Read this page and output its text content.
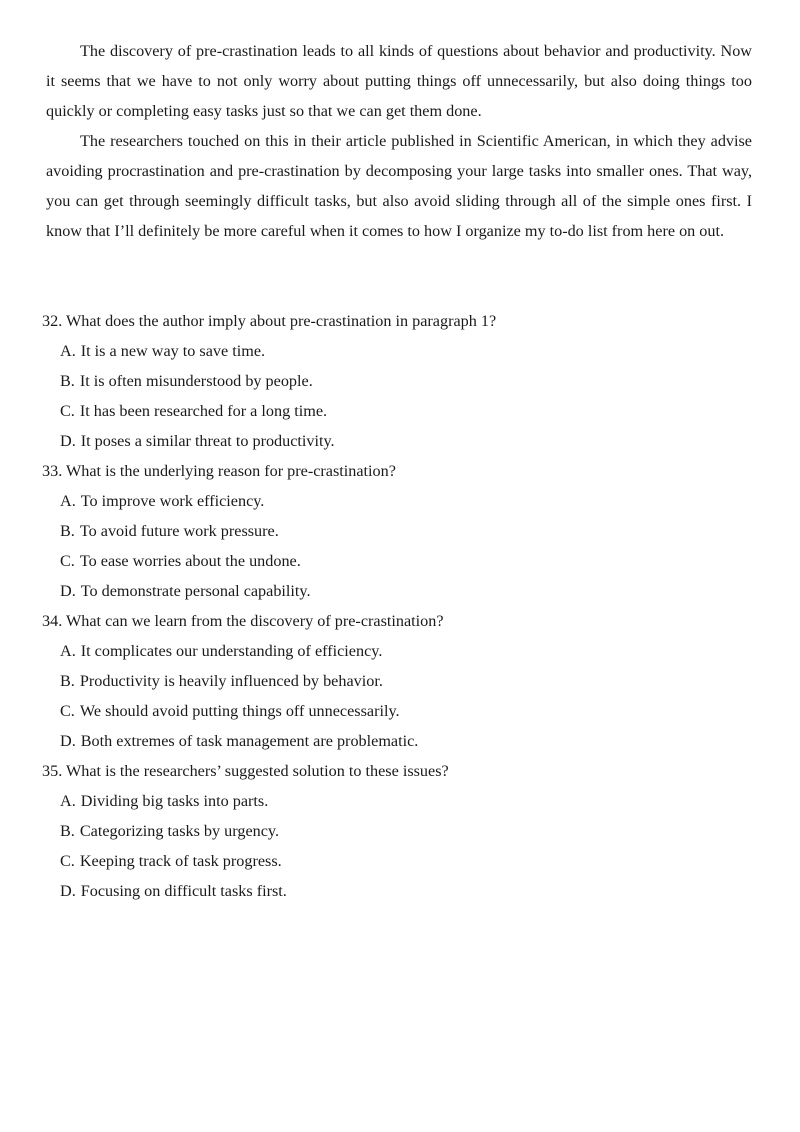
The discovery of pre-crastination leads to all kinds of questions about behavior and productivity. Now it seems that we have to not only worry about putting things off unnecessarily, but also doing things too quickly or completing easy tasks just so that we can get them done.

The researchers touched on this in their article published in Scientific American, in which they advise avoiding procrastination and pre-crastination by decomposing your large tasks into smaller ones. That way, you can get through seemingly difficult tasks, but also avoid sliding through all of the simple ones first. I know that I’ll definitely be more careful when it comes to how I organize my to-do list from here on out.

32. What does the author imply about pre-crastination in paragraph 1?
A. It is a new way to save time.
B. It is often misunderstood by people.
C. It has been researched for a long time.
D. It poses a similar threat to productivity.
33. What is the underlying reason for pre-crastination?
A. To improve work efficiency.
B. To avoid future work pressure.
C. To ease worries about the undone.
D. To demonstrate personal capability.
34. What can we learn from the discovery of pre-crastination?
A. It complicates our understanding of efficiency.
B. Productivity is heavily influenced by behavior.
C. We should avoid putting things off unnecessarily.
D. Both extremes of task management are problematic.
35. What is the researchers’ suggested solution to these issues?
A. Dividing big tasks into parts.
B. Categorizing tasks by urgency.
C. Keeping track of task progress.
D. Focusing on difficult tasks first.
